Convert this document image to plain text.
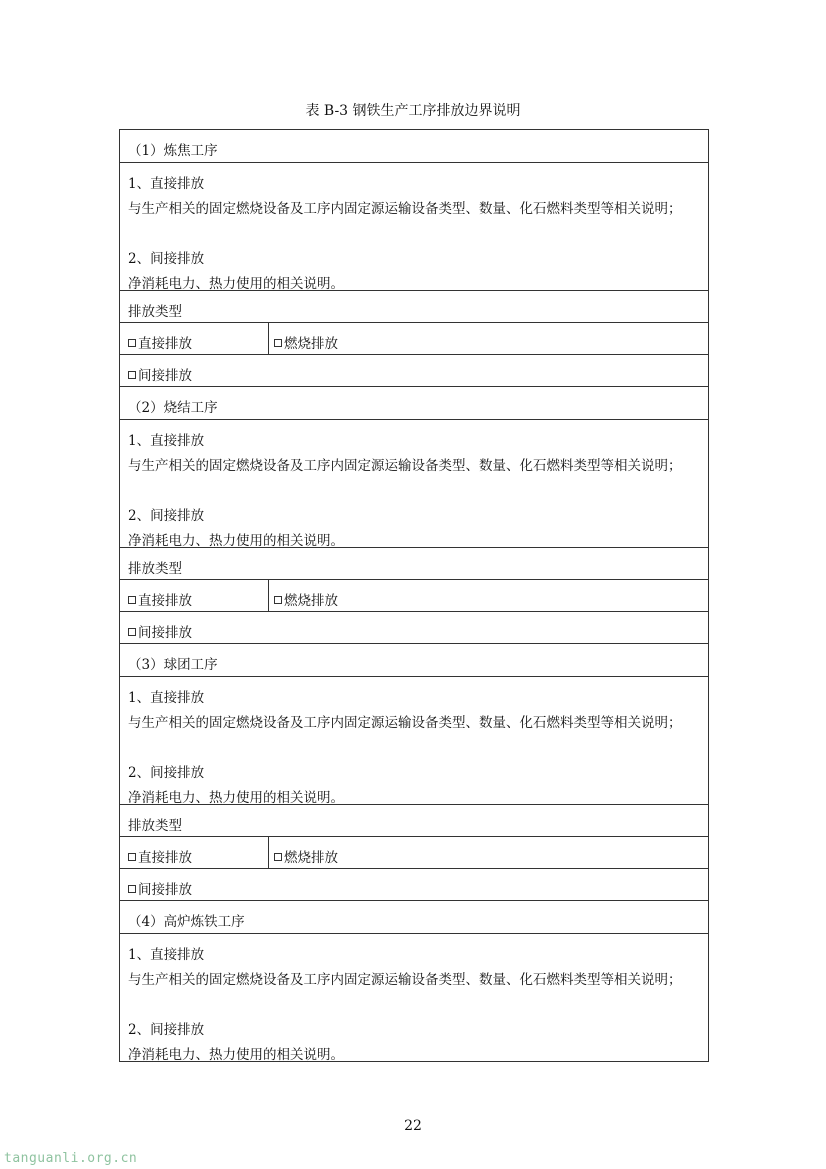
表 B-3 钢铁生产工序排放边界说明
（1）炼焦工序
1、直接排放
与生产相关的固定燃烧设备及工序内固定源运输设备类型、数量、化石燃料类型等相关说明；
2、间接排放
净消耗电力、热力使用的相关说明。
排放类型
直接排放	燃烧排放
间接排放
（2）烧结工序
1、直接排放
与生产相关的固定燃烧设备及工序内固定源运输设备类型、数量、化石燃料类型等相关说明；
2、间接排放
净消耗电力、热力使用的相关说明。
排放类型
直接排放	燃烧排放
间接排放
（3）球团工序
1、直接排放
与生产相关的固定燃烧设备及工序内固定源运输设备类型、数量、化石燃料类型等相关说明；
2、间接排放
净消耗电力、热力使用的相关说明。
排放类型
直接排放	燃烧排放
间接排放
（4）高炉炼铁工序
1、直接排放
与生产相关的固定燃烧设备及工序内固定源运输设备类型、数量、化石燃料类型等相关说明；
2、间接排放
净消耗电力、热力使用的相关说明。
22
tanguanli.org.cn
